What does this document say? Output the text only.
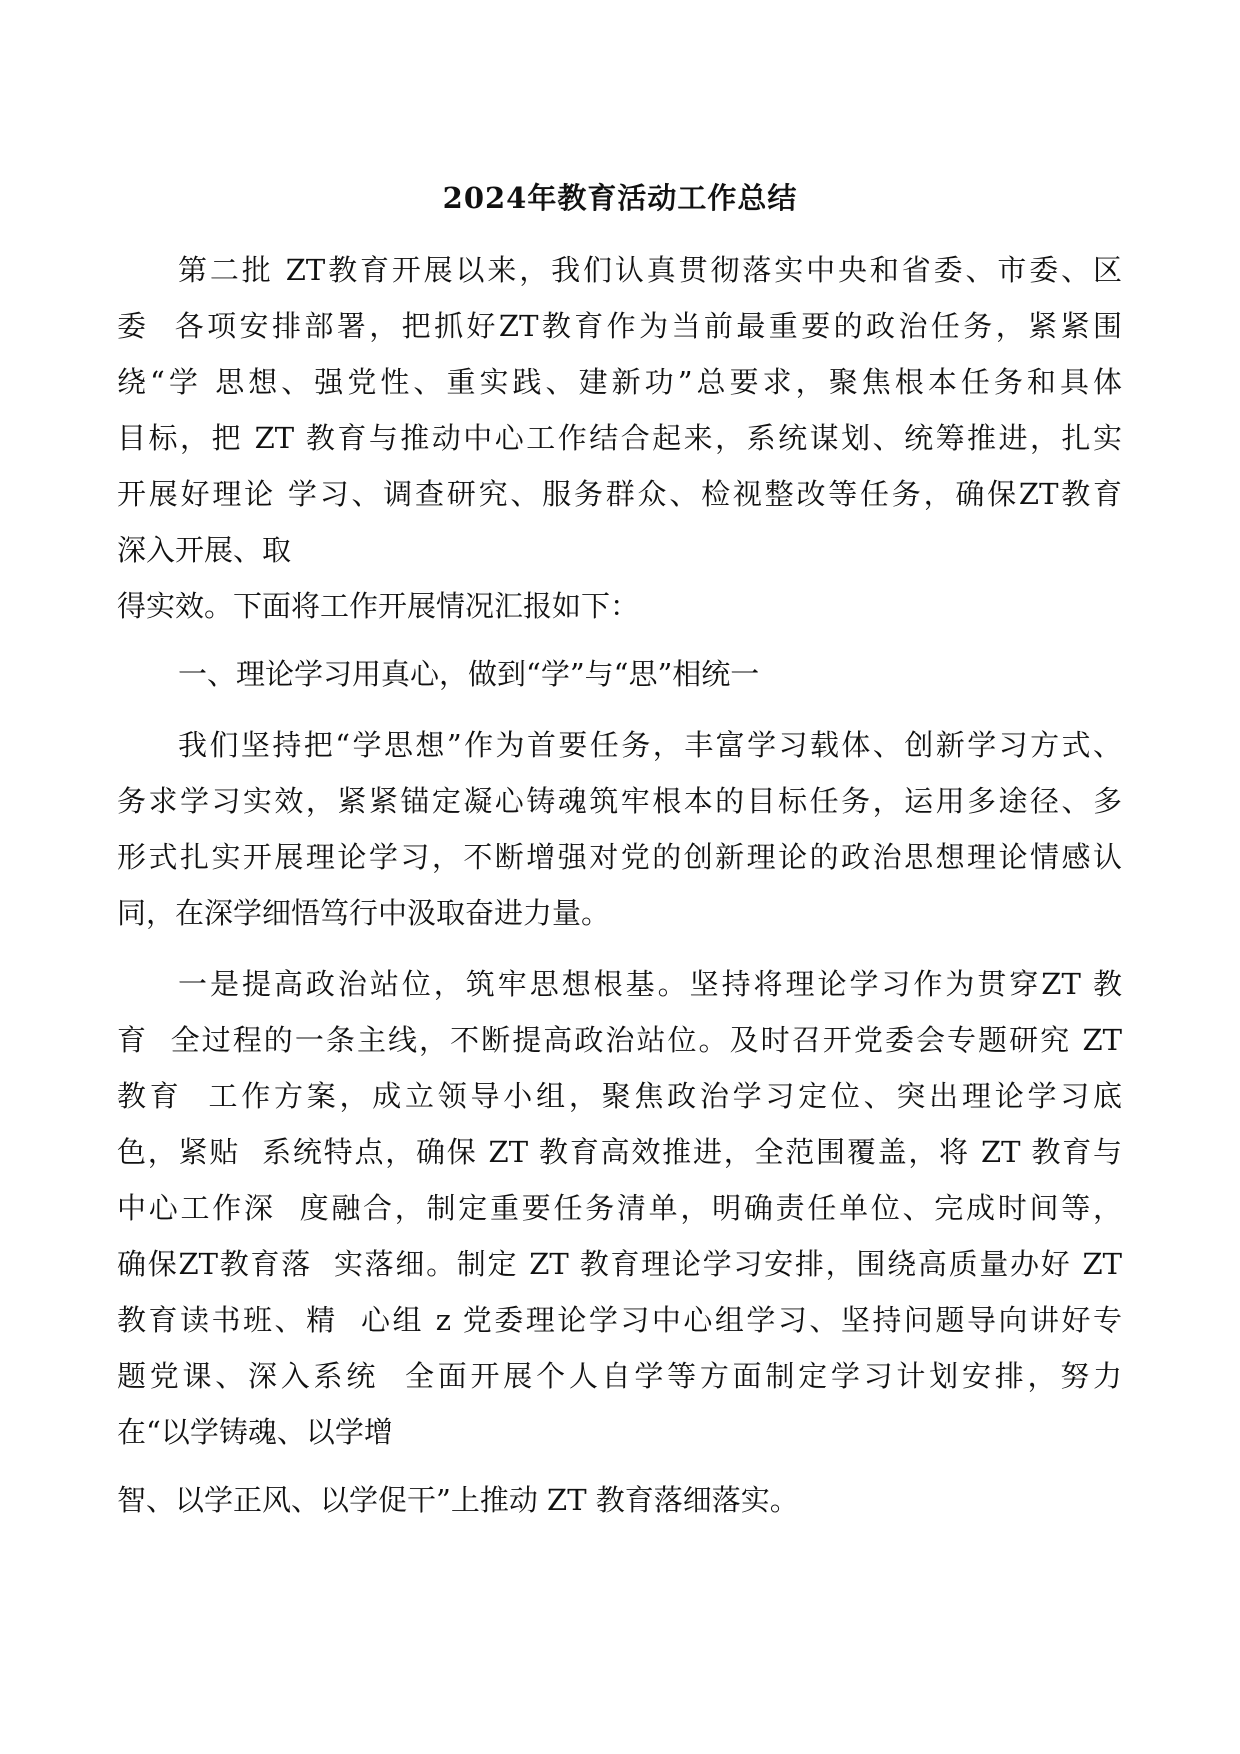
2024年教育活动工作总结

第二批 ZT教育开展以来，我们认真贯彻落实中央和省委、市委、区

委  各项安排部署，把抓好ZT教育作为当前最重要的政治任务，紧紧围

绕“学 思想、强党性、重实践、建新功”总要求，聚焦根本任务和具体

目标，把 ZT 教育与推动中心工作结合起来，系统谋划、统筹推进，扎实

开展好理论 学习、调查研究、服务群众、检视整改等任务，确保ZT教育

深入开展、取

得实效。下面将工作开展情况汇报如下：

一、理论学习用真心，做到“学”与“思”相统一

我们坚持把“学思想”作为首要任务，丰富学习载体、创新学习方式、

务求学习实效，紧紧锚定凝心铸魂筑牢根本的目标任务，运用多途径、多

形式扎实开展理论学习，不断增强对党的创新理论的政治思想理论情感认

同，在深学细悟笃行中汲取奋进力量。

一是提高政治站位，筑牢思想根基。坚持将理论学习作为贯穿ZT 教

育  全过程的一条主线，不断提高政治站位。及时召开党委会专题研究 ZT

教育  工作方案，成立领导小组，聚焦政治学习定位、突出理论学习底

色，紧贴  系统特点，确保 ZT 教育高效推进，全范围覆盖，将 ZT 教育与

中心工作深  度融合，制定重要任务清单，明确责任单位、完成时间等，

确保ZT教育落  实落细。制定 ZT 教育理论学习安排，围绕高质量办好 ZT

教育读书班、精  心组 z 党委理论学习中心组学习、坚持问题导向讲好专

题党课、深入系统  全面开展个人自学等方面制定学习计划安排，努力

在“以学铸魂、以学增

智、以学正风、以学促干”上推动 ZT 教育落细落实。
